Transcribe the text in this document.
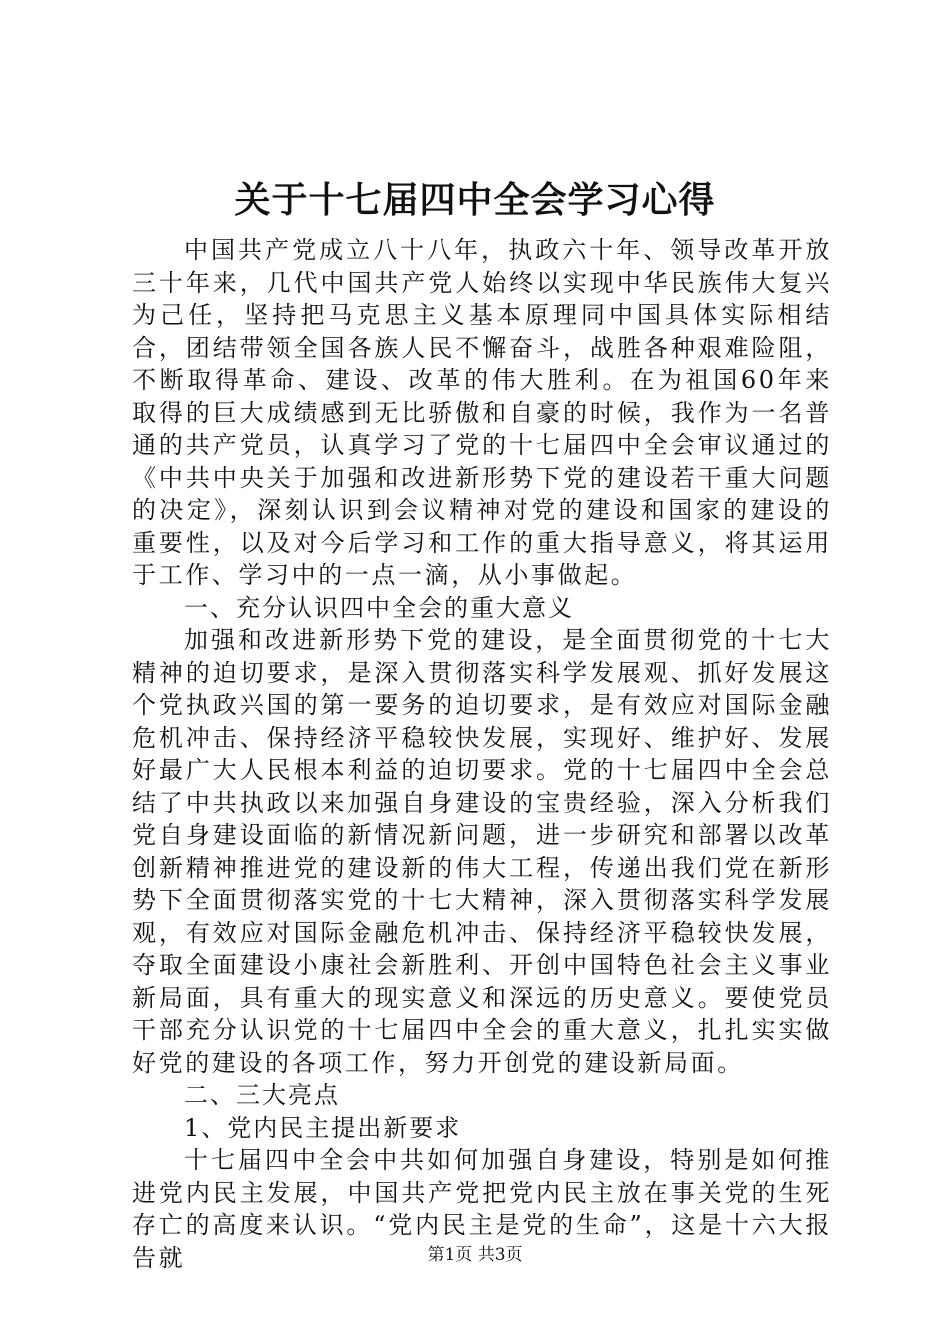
关于十七届四中全会学习心得

中国共产党成立八十八年，执政六十年、领导改革开放三十年来，几代中国共产党人始终以实现中华民族伟大复兴为己任，坚持把马克思主义基本原理同中国具体实际相结合，团结带领全国各族人民不懈奋斗，战胜各种艰难险阻，不断取得革命、建设、改革的伟大胜利。在为祖国60年来取得的巨大成绩感到无比骄傲和自豪的时候，我作为一名普通的共产党员，认真学习了党的十七届四中全会审议通过的《中共中央关于加强和改进新形势下党的建设若干重大问题的决定》，深刻认识到会议精神对党的建设和国家的建设的重要性，以及对今后学习和工作的重大指导意义，将其运用于工作、学习中的一点一滴，从小事做起。

一、充分认识四中全会的重大意义

加强和改进新形势下党的建设，是全面贯彻党的十七大精神的迫切要求，是深入贯彻落实科学发展观、抓好发展这个党执政兴国的第一要务的迫切要求，是有效应对国际金融危机冲击、保持经济平稳较快发展，实现好、维护好、发展好最广大人民根本利益的迫切要求。党的十七届四中全会总结了中共执政以来加强自身建设的宝贵经验，深入分析我们党自身建设面临的新情况新问题，进一步研究和部署以改革创新精神推进党的建设新的伟大工程，传递出我们党在新形势下全面贯彻落实党的十七大精神，深入贯彻落实科学发展观，有效应对国际金融危机冲击、保持经济平稳较快发展，夺取全面建设小康社会新胜利、开创中国特色社会主义事业新局面，具有重大的现实意义和深远的历史意义。要使党员干部充分认识党的十七届四中全会的重大意义，扎扎实实做好党的建设的各项工作，努力开创党的建设新局面。

二、三大亮点

1、党内民主提出新要求

十七届四中全会中共如何加强自身建设，特别是如何推进党内民主发展，中国共产党把党内民主放在事关党的生死存亡的高度来认识。“党内民主是党的生命”，这是十六大报告就	第1页 共3页
